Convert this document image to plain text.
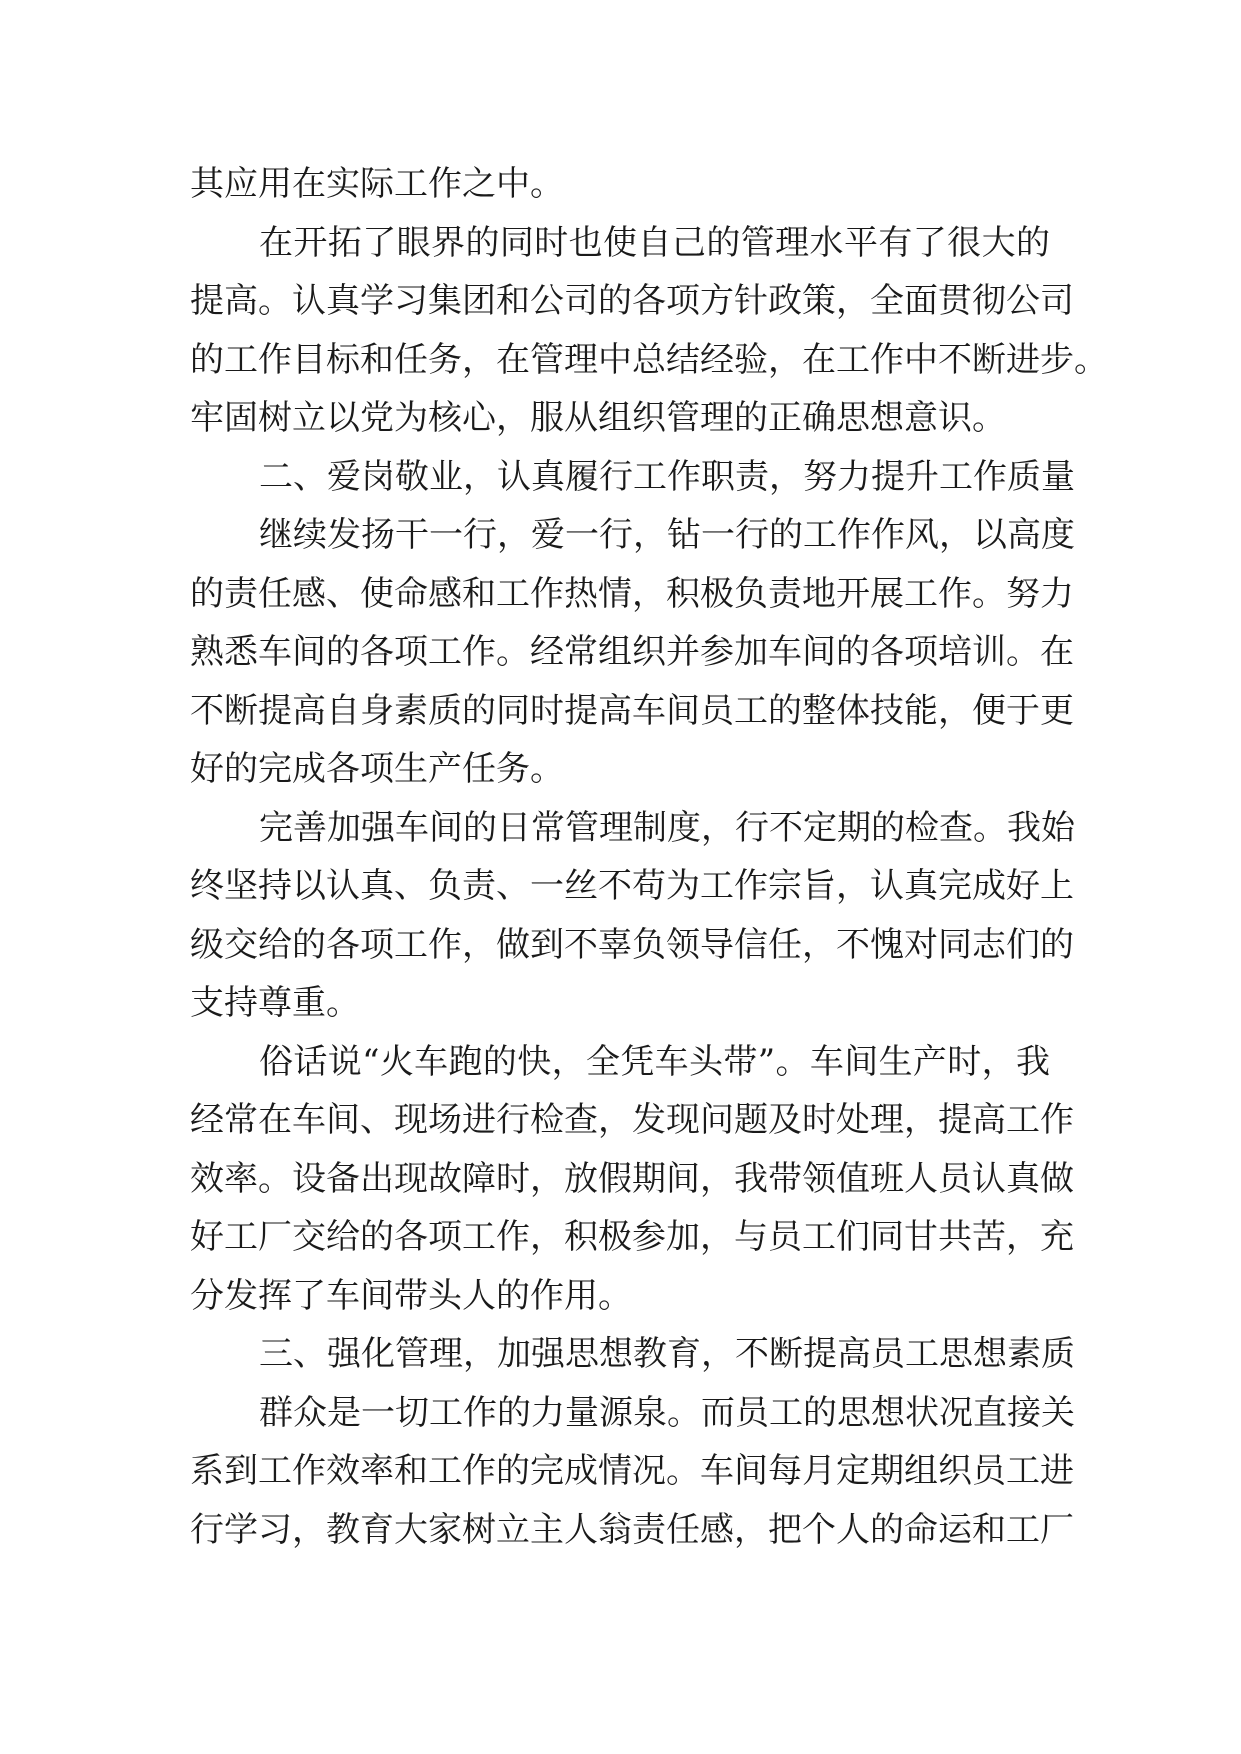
其应用在实际工作之中。
在开拓了眼界的同时也使自己的管理水平有了很大的
提高。认真学习集团和公司的各项方针政策，全面贯彻公司
的工作目标和任务，在管理中总结经验，在工作中不断进步。
牢固树立以党为核心，服从组织管理的正确思想意识。
二、爱岗敬业，认真履行工作职责，努力提升工作质量
继续发扬干一行，爱一行，钻一行的工作作风，以高度
的责任感、使命感和工作热情，积极负责地开展工作。努力
熟悉车间的各项工作。经常组织并参加车间的各项培训。在
不断提高自身素质的同时提高车间员工的整体技能，便于更
好的完成各项生产任务。
完善加强车间的日常管理制度，行不定期的检查。我始
终坚持以认真、负责、一丝不苟为工作宗旨，认真完成好上
级交给的各项工作，做到不辜负领导信任，不愧对同志们的
支持尊重。
俗话说“火车跑的快，全凭车头带”。车间生产时，我
经常在车间、现场进行检查，发现问题及时处理，提高工作
效率。设备出现故障时，放假期间，我带领值班人员认真做
好工厂交给的各项工作，积极参加，与员工们同甘共苦，充
分发挥了车间带头人的作用。
三、强化管理，加强思想教育，不断提高员工思想素质
群众是一切工作的力量源泉。而员工的思想状况直接关
系到工作效率和工作的完成情况。车间每月定期组织员工进
行学习，教育大家树立主人翁责任感，把个人的命运和工厂
